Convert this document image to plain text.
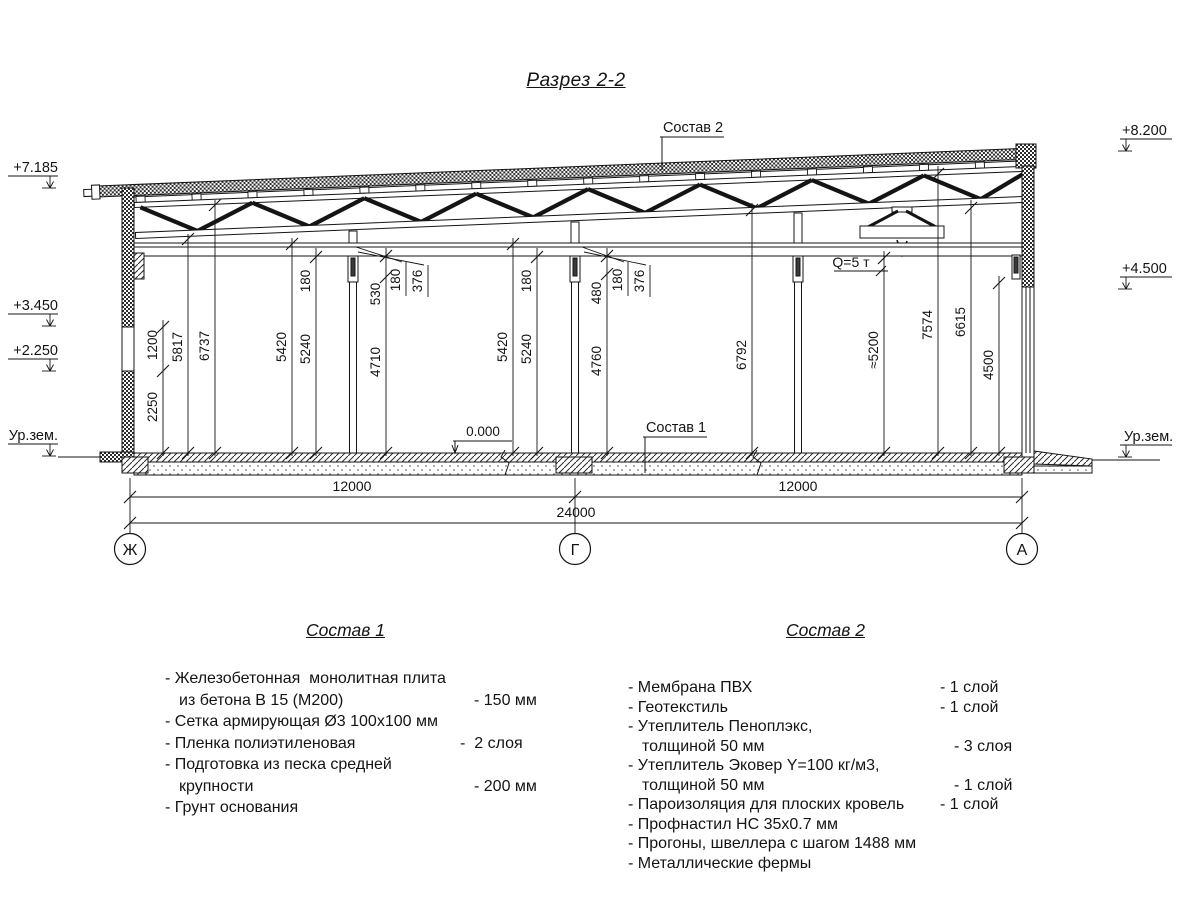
Разрез 2-2
Ж	Г	А
+7.185
+3.450
+2.250
Ур.зем.
+8.200
+4.500
Ур.зем.
2250
1200 5817 6737	5420 5240
180
530
4710
180 376
5420 5240
180
480
4760
180 376
6792	≈5200
7574 6615
4500
12000	12000
24000
Состав 2
Состав 1
0.000
Q=5 т
Состав 1	Состав 2
- Железобетонная  монолитная плита
из бетона В 15 (М200)	- 150 мм
- Сетка армирующая Ø3 100х100 мм
- Пленка полиэтиленовая	-  2 слоя
- Подготовка из песка средней
крупности	- 200 мм
- Грунт основания
- Мембрана ПВХ	- 1 слой
- Геотекстиль	- 1 слой
- Утеплитель Пеноплэкс,
толщиной 50 мм	- 3 слоя
- Утеплитель Эковер Y=100 кг/м3,
толщиной 50 мм	- 1 слой
- Пароизоляция для плоских кровель	- 1 слой
- Профнастил НС 35х0.7 мм
- Прогоны, швеллера с шагом 1488 мм
- Металлические фермы
